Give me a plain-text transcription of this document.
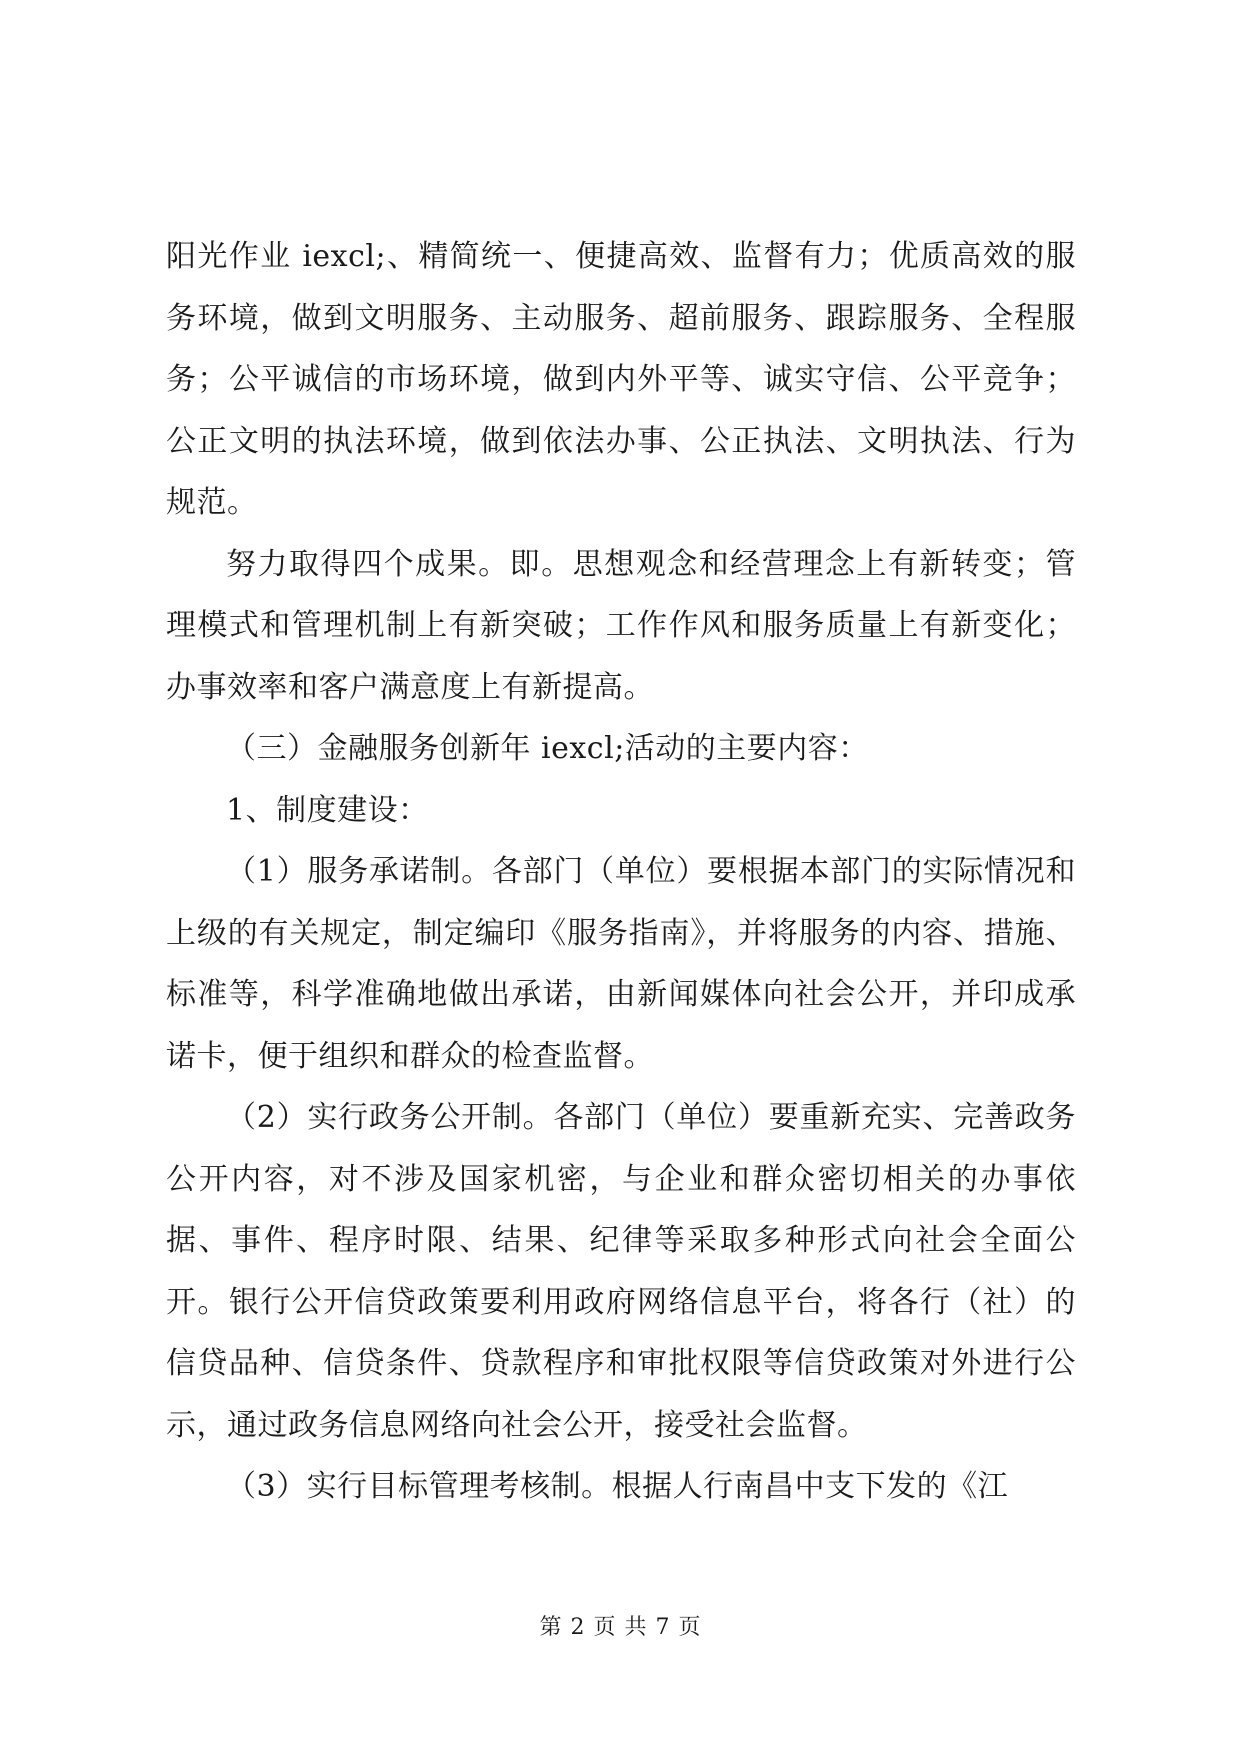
阳光作业 iexcl;、精简统一、便捷高效、监督有力；优质高效的服务环境，做到文明服务、主动服务、超前服务、跟踪服务、全程服务；公平诚信的市场环境，做到内外平等、诚实守信、公平竞争；公正文明的执法环境，做到依法办事、公正执法、文明执法、行为规范。

努力取得四个成果。即。思想观念和经营理念上有新转变；管理模式和管理机制上有新突破；工作作风和服务质量上有新变化；办事效率和客户满意度上有新提高。

（三）金融服务创新年 iexcl;活动的主要内容：

1、制度建设：

（1）服务承诺制。各部门（单位）要根据本部门的实际情况和上级的有关规定，制定编印《服务指南》，并将服务的内容、措施、标准等，科学准确地做出承诺，由新闻媒体向社会公开，并印成承诺卡，便于组织和群众的检查监督。

（2）实行政务公开制。各部门（单位）要重新充实、完善政务公开内容，对不涉及国家机密，与企业和群众密切相关的办事依据、事件、程序时限、结果、纪律等采取多种形式向社会全面公开。银行公开信贷政策要利用政府网络信息平台，将各行（社）的信贷品种、信贷条件、贷款程序和审批权限等信贷政策对外进行公示，通过政务信息网络向社会公开，接受社会监督。

（3）实行目标管理考核制。根据人行南昌中支下发的《江

第 2 页 共 7 页
